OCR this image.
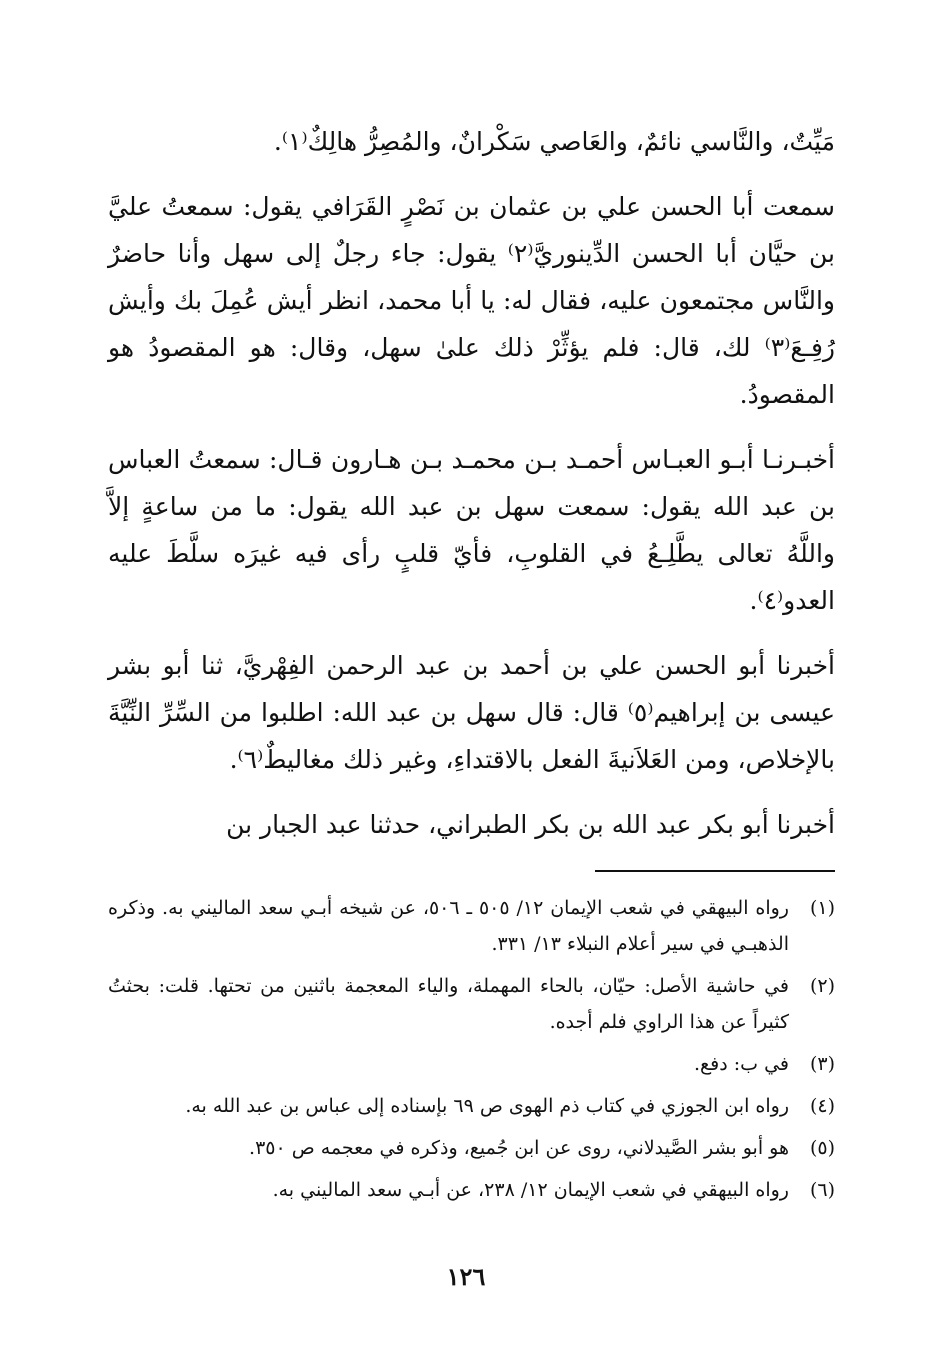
مَيِّتٌ، والنَّاسي نائمٌ، والعَاصي سَكْرانٌ، والمُصِرُّ هالِكٌ⁽١⁾.

سمعت أبا الحسن علي بن عثمان بن نَصْرٍ القَرَافي يقول: سمعتُ عليَّ بن حيَّان أبا الحسن الدِّينوريَّ⁽٢⁾ يقول: جاء رجلٌ إلى سهل وأنا حاضرٌ والنَّاس مجتمعون عليه، فقال له: يا أبا محمد، انظر أيش عُمِلَ بك وأيش رُفِـعَ⁽٣⁾ لك، قال: فلم يؤثِّرْ ذلك علىٰ سهل، وقال: هو المقصودُ هو المقصودُ.

أخبـرنـا أبـو العبـاس أحمـد بـن محمـد بـن هـارون قـال: سمعتُ العباس بن عبد الله يقول: سمعت سهل بن عبد الله يقول: ما من ساعةٍ إلاَّ واللَّهُ تعالى يطَّلِـعُ في القلوبِ، فأيّ قلبٍ رأى فيه غيرَه سلَّطَ عليه العدو⁽٤⁾.

أخبرنا أبو الحسن علي بن أحمد بن عبد الرحمن الفِهْريَّ، ثنا أبو بشر عيسى بن إبراهيم⁽٥⁾ قال: قال سهل بن عبد الله: اطلبوا من السِّرِّ النِّيَّةَ بالإخلاص، ومن العَلاَنيةَ الفعل بالاقتداءِ، وغير ذلك مغاليطٌ⁽٦⁾.

أخبرنا أبو بكر عبد الله بن بكر الطبراني، حدثنا عبد الجبار بن

(١)
رواه البيهقي في شعب الإيمان ١٢/ ٥٠٥ ـ ٥٠٦، عن شيخه أبـي سعد الماليني به. وذكره الذهبـي في سير أعلام النبلاء ١٣/ ٣٣١.
(٢)
في حاشية الأصل: حيّان، بالحاء المهملة، والياء المعجمة باثنين من تحتها. قلت: بحثتُ كثيراً عن هذا الراوي فلم أجده.
(٣)
في ب: دفع.
(٤)
رواه ابن الجوزي في كتاب ذم الهوى ص ٦٩ بإسناده إلى عباس بن عبد الله به.
(٥)
هو أبو بشر الصَّيدلاني، روى عن ابن جُميع، وذكره في معجمه ص ٣٥٠.
(٦)
رواه البيهقي في شعب الإيمان ١٢/ ٢٣٨، عن أبـي سعد الماليني به.
١٢٦
